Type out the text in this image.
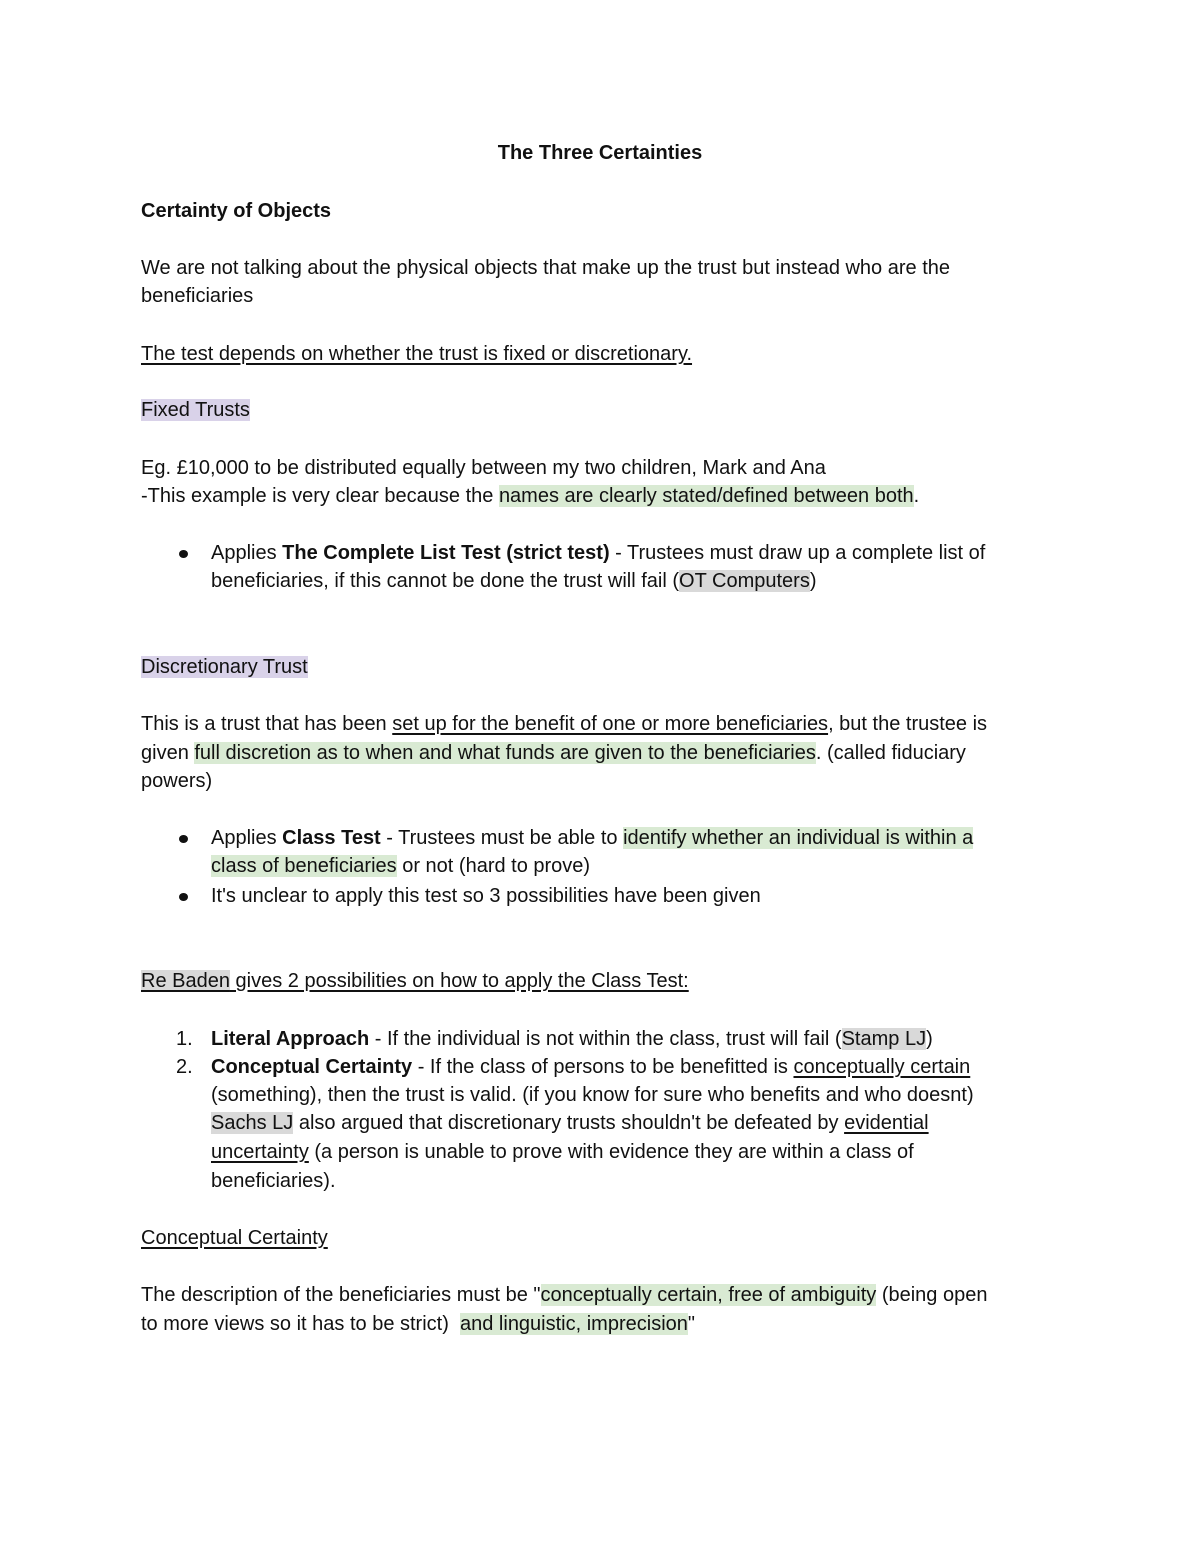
The Three Certainties
Certainty of Objects
We are not talking about the physical objects that make up the trust but instead who are the
beneficiaries
The test depends on whether the trust is fixed or discretionary.
Fixed Trusts
Eg. £10,000 to be distributed equally between my two children, Mark and Ana
-This example is very clear because the names are clearly stated/defined between both.
Applies The Complete List Test (strict test) - Trustees must draw up a complete list of
beneficiaries, if this cannot be done the trust will fail (OT Computers)
Discretionary Trust
This is a trust that has been set up for the benefit of one or more beneficiaries, but the trustee is
given full discretion as to when and what funds are given to the beneficiaries. (called fiduciary
powers)
Applies Class Test - Trustees must be able to identify whether an individual is within a
class of beneficiaries or not (hard to prove)
It's unclear to apply this test so 3 possibilities have been given
Re Baden gives 2 possibilities on how to apply the Class Test:
1. Literal Approach - If the individual is not within the class, trust will fail (Stamp LJ)
2. Conceptual Certainty - If the class of persons to be benefitted is conceptually certain
(something), then the trust is valid. (if you know for sure who benefits and who doesnt)
Sachs LJ also argued that discretionary trusts shouldn't be defeated by evidential
uncertainty (a person is unable to prove with evidence they are within a class of
beneficiaries).
Conceptual Certainty
The description of the beneficiaries must be "conceptually certain, free of ambiguity (being open
to more views so it has to be strict)  and linguistic, imprecision"
